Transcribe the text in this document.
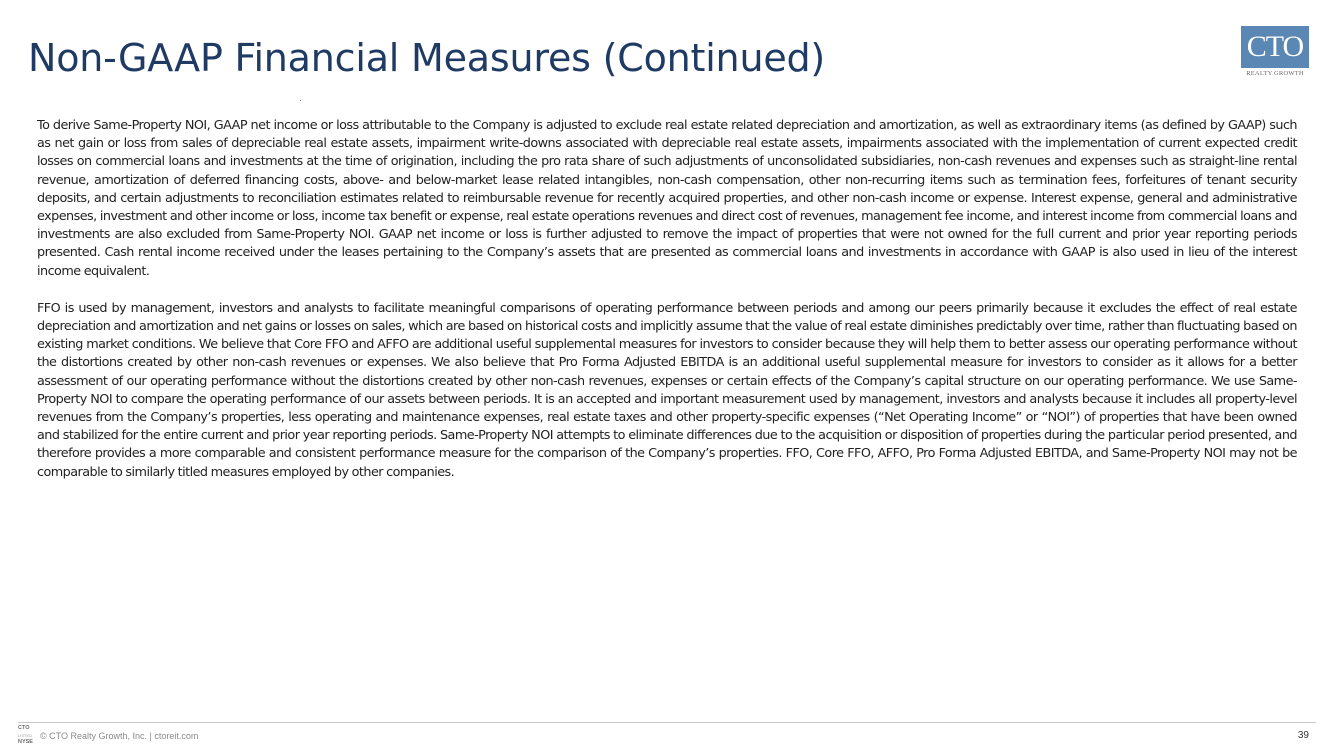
Non-GAAP Financial Measures (Continued)	CTO
REALTY GROWTH

To derive Same-Property NOI, GAAP net income or loss attributable to the Company is adjusted to exclude real estate related depreciation and amortization, as well as extraordinary items (as defined by GAAP) such as net gain or loss from sales of depreciable real estate assets, impairment write-downs associated with depreciable real estate assets, impairments associated with the implementation of current expected credit losses on commercial loans and investments at the time of origination, including the pro rata share of such adjustments of unconsolidated subsidiaries, non-cash revenues and expenses such as straight-line rental revenue, amortization of deferred financing costs, above- and below-market lease related intangibles, non-cash compensation, other non-recurring items such as termination fees, forfeitures of tenant security deposits, and certain adjustments to reconciliation estimates related to reimbursable revenue for recently acquired properties, and other non-cash income or expense. Interest expense, general and administrative expenses, investment and other income or loss, income tax benefit or expense, real estate operations revenues and direct cost of revenues, management fee income, and interest income from commercial loans and investments are also excluded from Same-Property NOI. GAAP net income or loss is further adjusted to remove the impact of properties that were not owned for the full current and prior year reporting periods presented. Cash rental income received under the leases pertaining to the Company’s assets that are presented as commercial loans and investments in accordance with GAAP is also used in lieu of the interest income equivalent.

FFO is used by management, investors and analysts to facilitate meaningful comparisons of operating performance between periods and among our peers primarily because it excludes the effect of real estate depreciation and amortization and net gains or losses on sales, which are based on historical costs and implicitly assume that the value of real estate diminishes predictably over time, rather than fluctuating based on existing market conditions. We believe that Core FFO and AFFO are additional useful supplemental measures for investors to consider because they will help them to better assess our operating performance without the distortions created by other non-cash revenues or expenses. We also believe that Pro Forma Adjusted EBITDA is an additional useful supplemental measure for investors to consider as it allows for a better assessment of our operating performance without the distortions created by other non-cash revenues, expenses or certain effects of the Company’s capital structure on our operating performance. We use Same-Property NOI to compare the operating performance of our assets between periods. It is an accepted and important measurement used by management, investors and analysts because it includes all property-level revenues from the Company’s properties, less operating and maintenance expenses, real estate taxes and other property-specific expenses (“Net Operating Income” or “NOI”) of properties that have been owned and stabilized for the entire current and prior year reporting periods. Same-Property NOI attempts to eliminate differences due to the acquisition or disposition of properties during the particular period presented, and therefore provides a more comparable and consistent performance measure for the comparison of the Company’s properties. FFO, Core FFO, AFFO, Pro Forma Adjusted EBITDA, and Same-Property NOI may not be comparable to similarly titled measures employed by other companies.

CTO
LISTED
NYSE
© CTO Realty Growth, Inc. | ctoreit.com	39
